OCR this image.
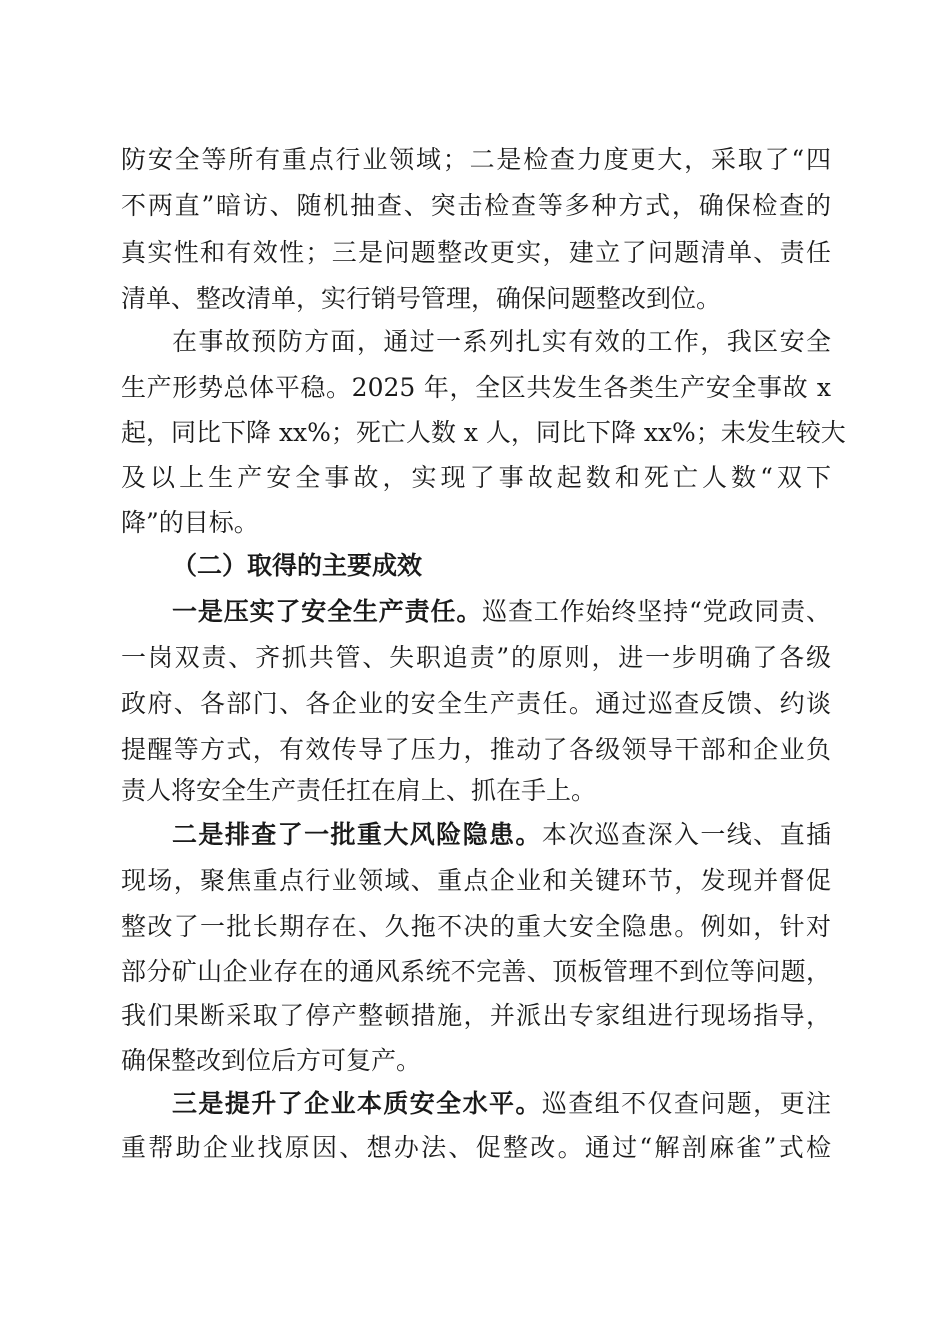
防安全等所有重点行业领域；二是检查力度更大，采取了“四

不两直”暗访、随机抽查、突击检查等多种方式，确保检查的

真实性和有效性；三是问题整改更实，建立了问题清单、责任

清单、整改清单，实行销号管理，确保问题整改到位。

在事故预防方面，通过一系列扎实有效的工作，我区安全

生产形势总体平稳。2025 年，全区共发生各类生产安全事故 x

起，同比下降 xx%；死亡人数 x 人，同比下降 xx%；未发生较大

及以上生产安全事故，实现了事故起数和死亡人数“双下

降”的目标。

（二）取得的主要成效

一是压实了安全生产责任。巡查工作始终坚持“党政同责、

一岗双责、齐抓共管、失职追责”的原则，进一步明确了各级

政府、各部门、各企业的安全生产责任。通过巡查反馈、约谈

提醒等方式，有效传导了压力，推动了各级领导干部和企业负

责人将安全生产责任扛在肩上、抓在手上。

二是排查了一批重大风险隐患。本次巡查深入一线、直插

现场，聚焦重点行业领域、重点企业和关键环节，发现并督促

整改了一批长期存在、久拖不决的重大安全隐患。例如，针对

部分矿山企业存在的通风系统不完善、顶板管理不到位等问题，

我们果断采取了停产整顿措施，并派出专家组进行现场指导，

确保整改到位后方可复产。

三是提升了企业本质安全水平。巡查组不仅查问题，更注

重帮助企业找原因、想办法、促整改。通过“解剖麻雀”式检
